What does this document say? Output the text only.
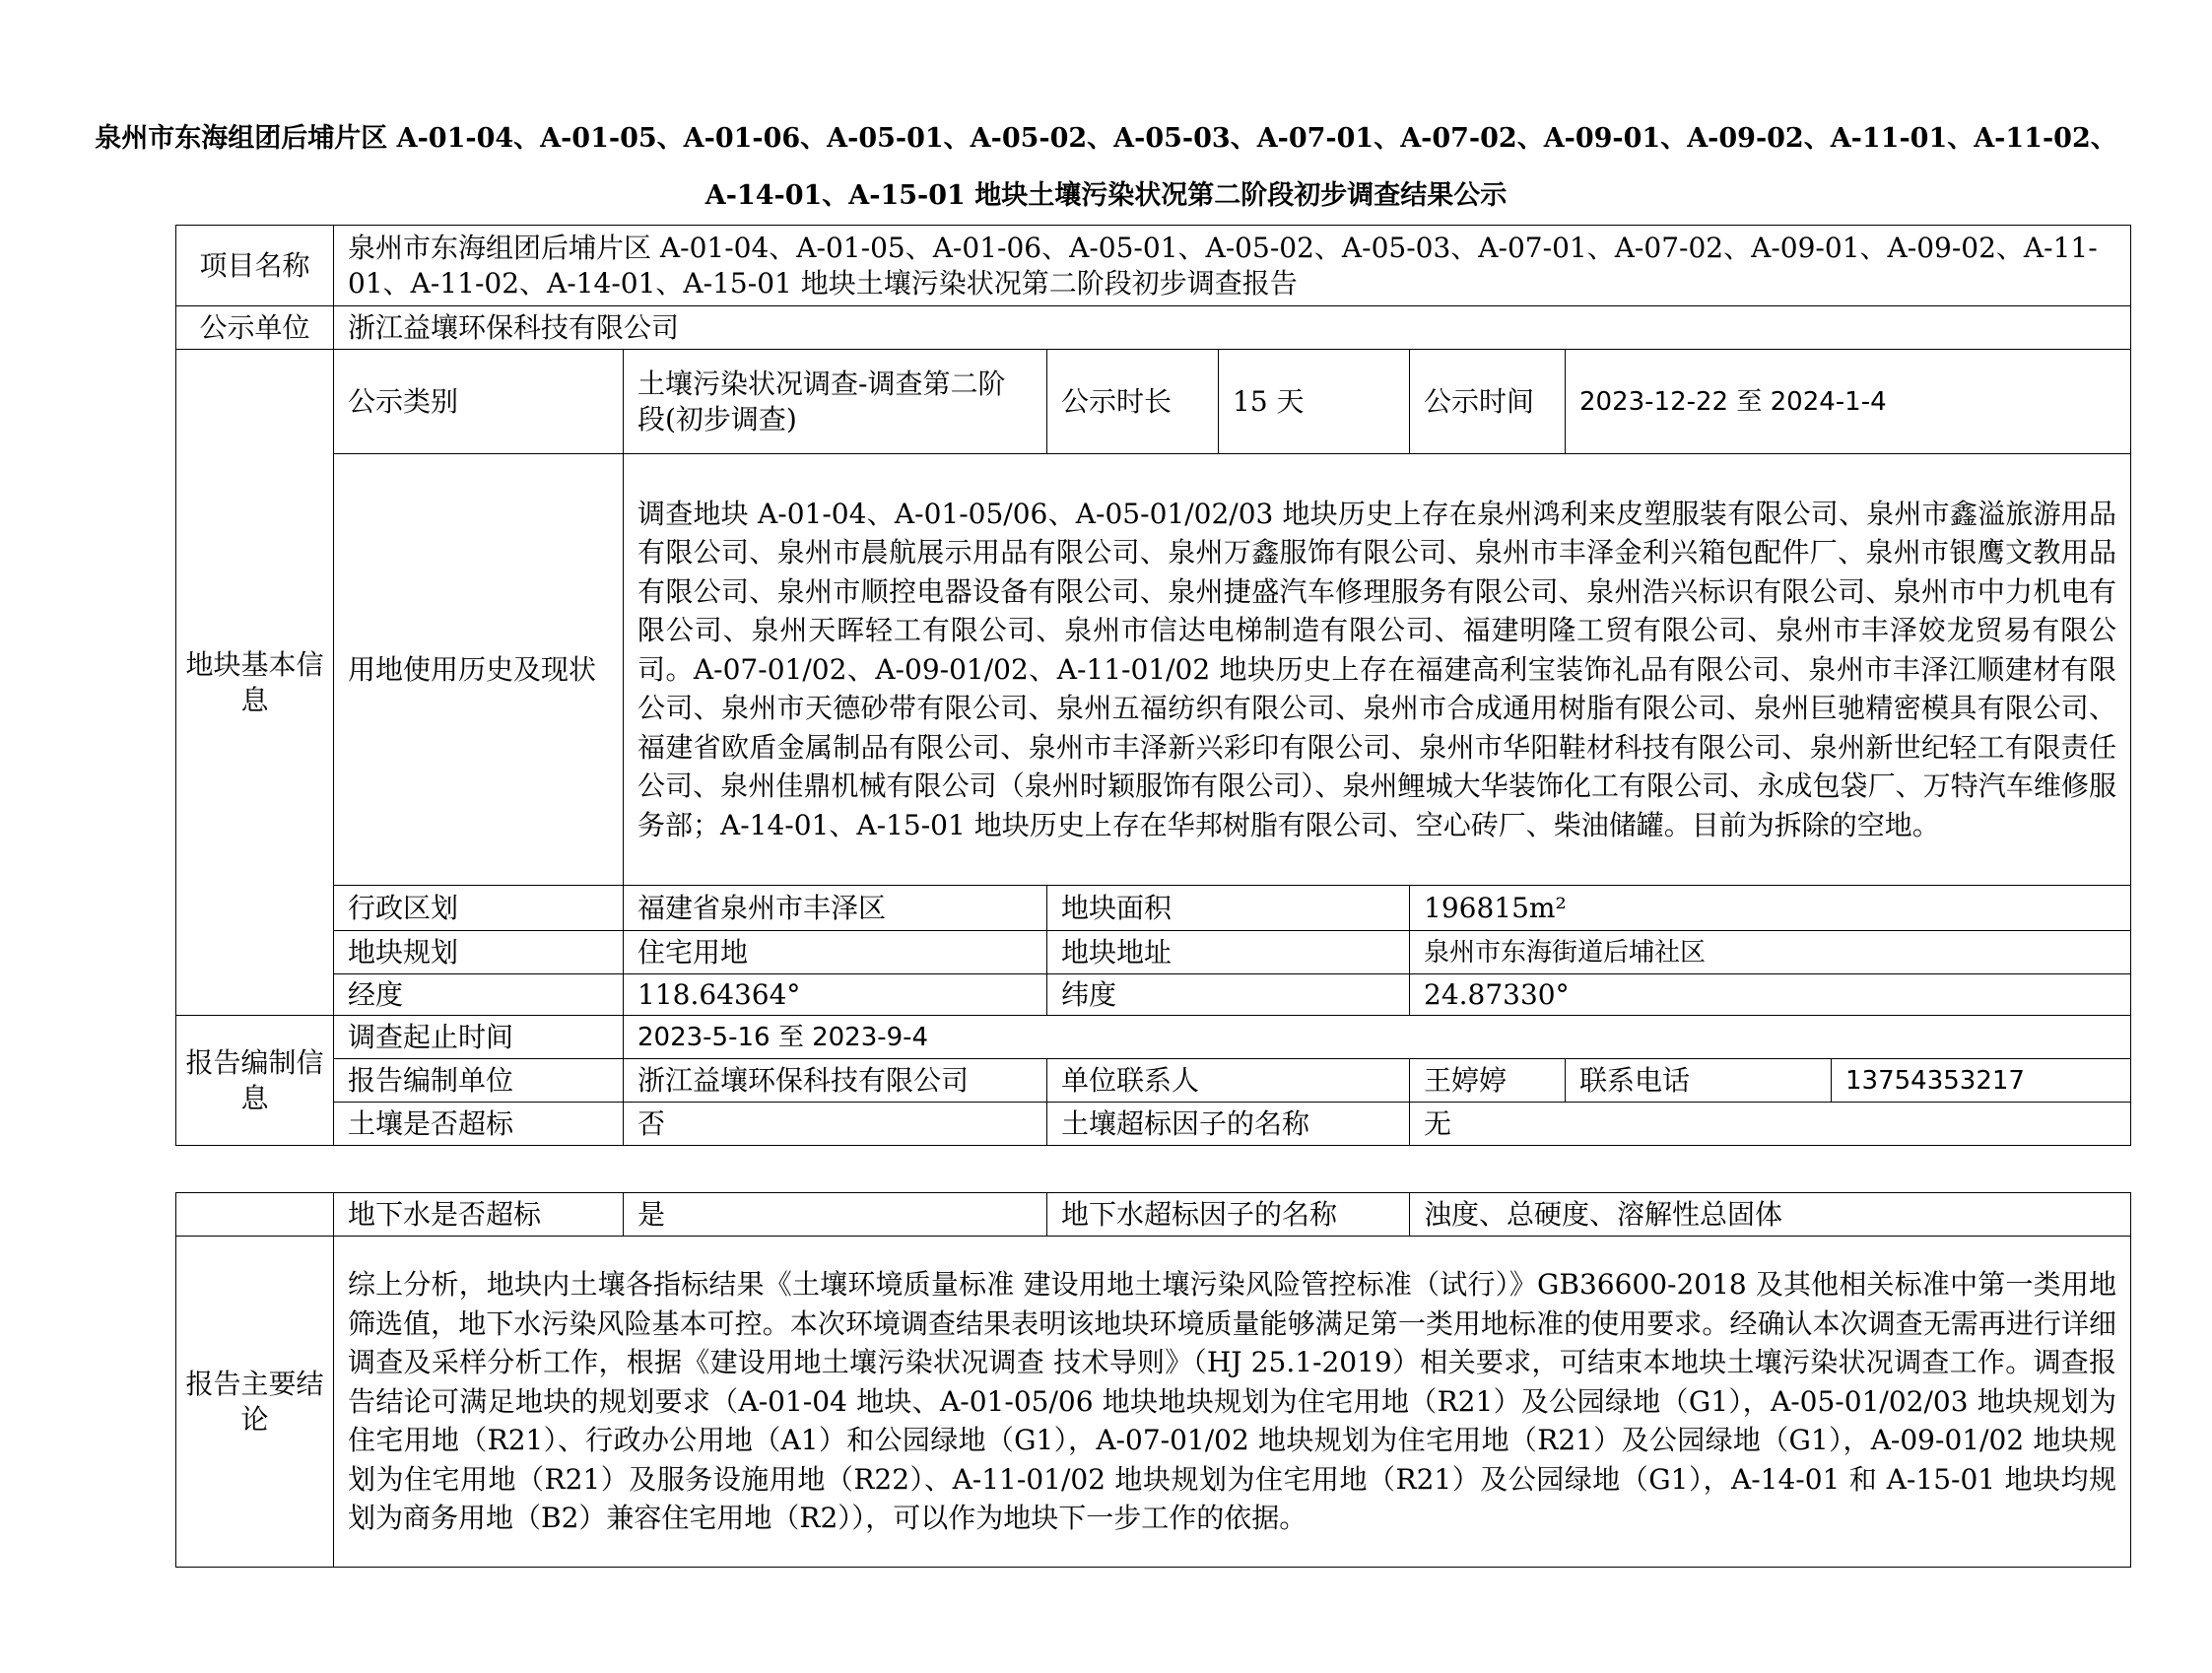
泉州市东海组团后埔片区 A-01-04、A-01-05、A-01-06、A-05-01、A-05-02、A-05-03、A-07-01、A-07-02、A-09-01、A-09-02、A-11-01、A-11-02、
A-14-01、A-15-01 地块土壤污染状况第二阶段初步调查结果公示
项目名称	泉州市东海组团后埔片区 A-01-04、A-01-05、A-01-06、A-05-01、A-05-02、A-05-03、A-07-01、A-07-02、A-09-01、A-09-02、A-11-01、A-11-02、A-14-01、A-15-01 地块土壤污染状况第二阶段初步调查报告						
公示单位	浙江益壤环保科技有限公司						
地块基本信息	公示类别	土壤污染状况调查-调查第二阶段(初步调查)	公示时长	15 天	公示时间	2023-12-22 至 2024-1-4	
	用地使用历史及现状	调查地块 A-01-04、A-01-05/06、A-05-01/02/03 地块历史上存在泉州鸿利来皮塑服装有限公司、泉州市鑫溢旅游用品有限公司、泉州市晨航展示用品有限公司、泉州万鑫服饰有限公司、泉州市丰泽金利兴箱包配件厂、泉州市银鹰文教用品有限公司、泉州市顺控电器设备有限公司、泉州捷盛汽车修理服务有限公司、泉州浩兴标识有限公司、泉州市中力机电有限公司、泉州天晖轻工有限公司、泉州市信达电梯制造有限公司、福建明隆工贸有限公司、泉州市丰泽姣龙贸易有限公司。A-07-01/02、A-09-01/02、A-11-01/02 地块历史上存在福建高利宝装饰礼品有限公司、泉州市丰泽江顺建材有限公司、泉州市天德砂带有限公司、泉州五福纺织有限公司、泉州市合成通用树脂有限公司、泉州巨驰精密模具有限公司、福建省欧盾金属制品有限公司、泉州市丰泽新兴彩印有限公司、泉州市华阳鞋材科技有限公司、泉州新世纪轻工有限责任公司、泉州佳鼎机械有限公司（泉州时颖服饰有限公司）、泉州鲤城大华装饰化工有限公司、永成包袋厂、万特汽车维修服务部；A-14-01、A-15-01 地块历史上存在华邦树脂有限公司、空心砖厂、柴油储罐。目前为拆除的空地。					
	行政区划	福建省泉州市丰泽区	地块面积		196815m²		
	地块规划	住宅用地	地块地址		泉州市东海街道后埔社区		
	经度	118.64364°	纬度		24.87330°		
报告编制信息	调查起止时间	2023-5-16 至 2023-9-4					
	报告编制单位	浙江益壤环保科技有限公司	单位联系人		王婷婷	联系电话	13754353217
	土壤是否超标	否	土壤超标因子的名称		无		
	地下水是否超标	是	地下水超标因子的名称	浊度、总硬度、溶解性总固体
报告主要结论	综上分析，地块内土壤各指标结果《土壤环境质量标准 建设用地土壤污染风险管控标准（试行）》GB36600-2018 及其他相关标准中第一类用地筛选值，地下水污染风险基本可控。本次环境调查结果表明该地块环境质量能够满足第一类用地标准的使用要求。经确认本次调查无需再进行详细调查及采样分析工作，根据《建设用地土壤污染状况调查 技术导则》（HJ 25.1-2019）相关要求，可结束本地块土壤污染状况调查工作。调查报告结论可满足地块的规划要求（A-01-04 地块、A-01-05/06 地块地块规划为住宅用地（R21）及公园绿地（G1），A-05-01/02/03 地块规划为住宅用地（R21）、行政办公用地（A1）和公园绿地（G1），A-07-01/02 地块规划为住宅用地（R21）及公园绿地（G1），A-09-01/02 地块规划为住宅用地（R21）及服务设施用地（R22）、A-11-01/02 地块规划为住宅用地（R21）及公园绿地（G1），A-14-01 和 A-15-01 地块均规划为商务用地（B2）兼容住宅用地（R2）），可以作为地块下一步工作的依据。			
